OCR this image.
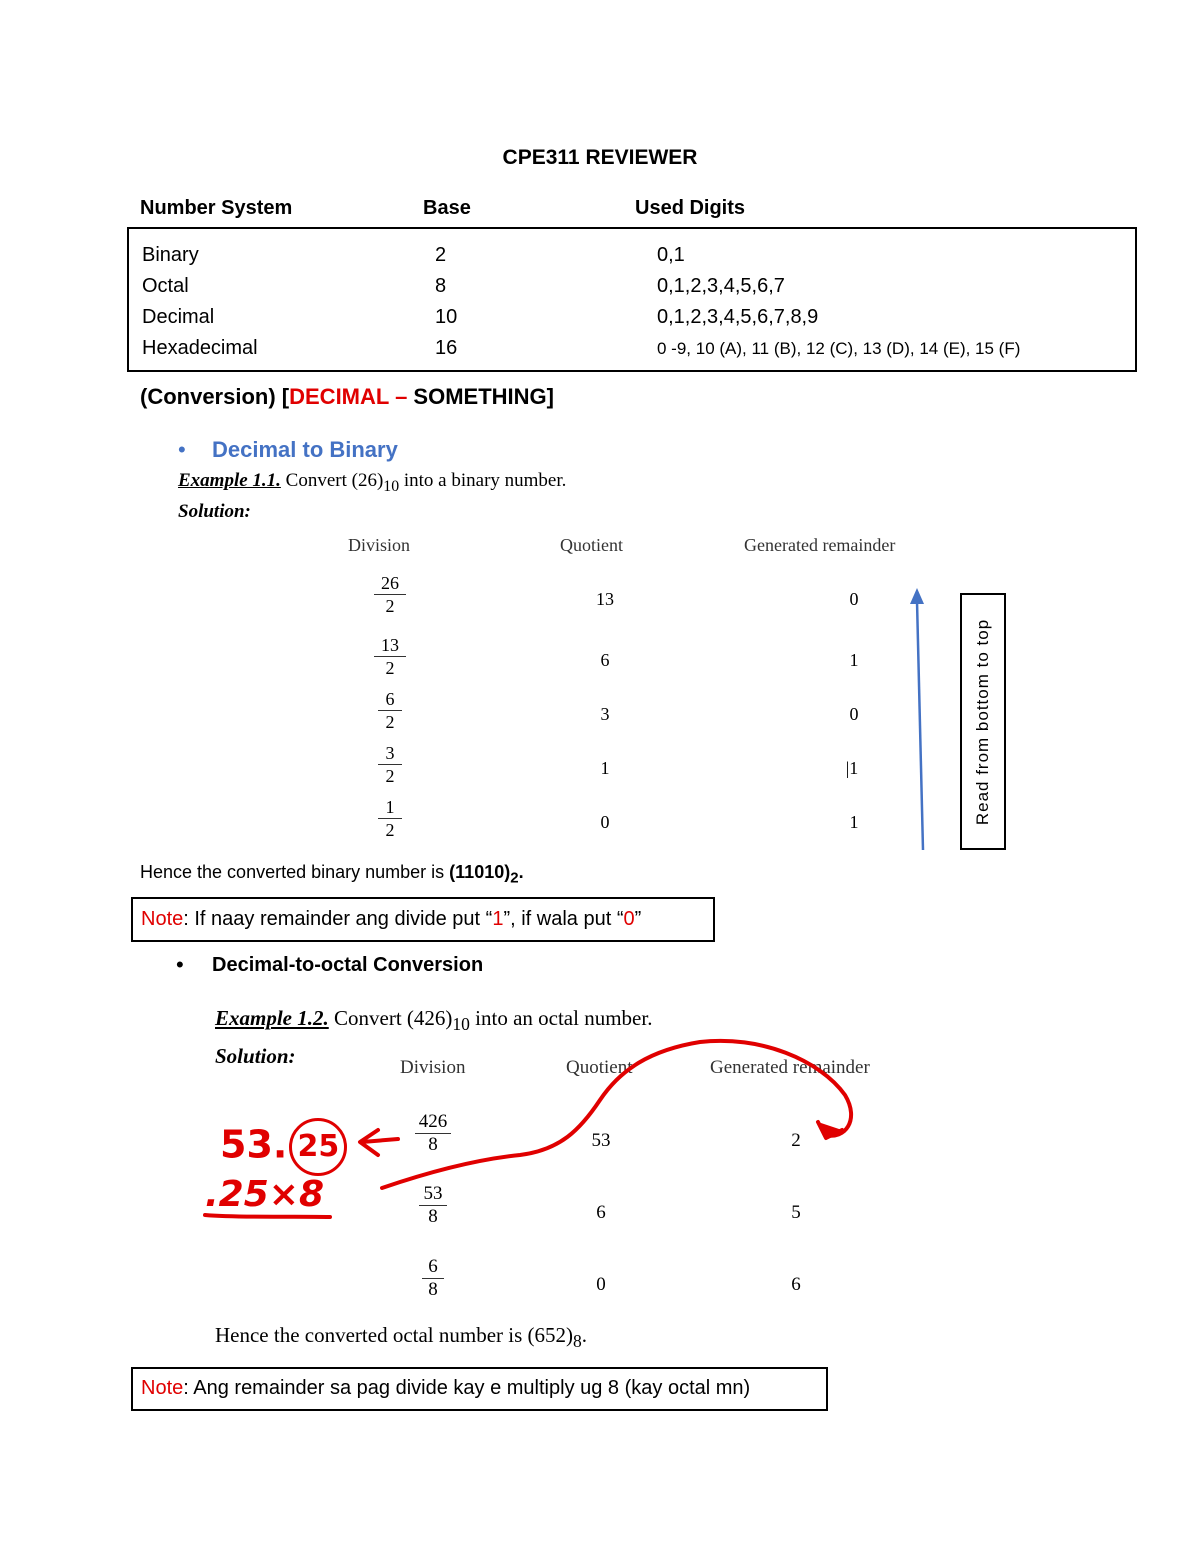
CPE311 REVIEWER
Number System	Base	Used Digits
Binary	2	0,1
Octal	8	0,1,2,3,4,5,6,7
Decimal	10	0,1,2,3,4,5,6,7,8,9
Hexadecimal	16	0 -9, 10 (A), 11 (B), 12 (C), 13 (D), 14 (E), 15 (F)
(Conversion) [DECIMAL – SOMETHING]
• Decimal to Binary
Example 1.1. Convert $(26)_{10}$ into a binary number.
Solution:
Division	Quotient	Generated remainder
$\frac{26}{2}$	13	0
$\frac{13}{2}$	6	1
$\frac{6}{2}$	3	0
$\frac{3}{2}$	1	|1
$\frac{1}{2}$	0	1	Read from bottom to top
Hence the converted binary number is $(11010)_2$.
Note: If naay remainder ang divide put “1”, if wala put “0”
• Decimal-to-octal Conversion
Example 1.2. Convert $(426)_{10}$ into an octal number.
Solution:	Division	Quotient	Generated remainder
$\frac{426}{8}$	53	2
$\frac{53}{8}$	6	5
$\frac{6}{8}$	0	6
Hence the converted octal number is $(652)_8$.
53. 25
.25×8
Note: Ang remainder sa pag divide kay e multiply ug 8 (kay octal mn)
